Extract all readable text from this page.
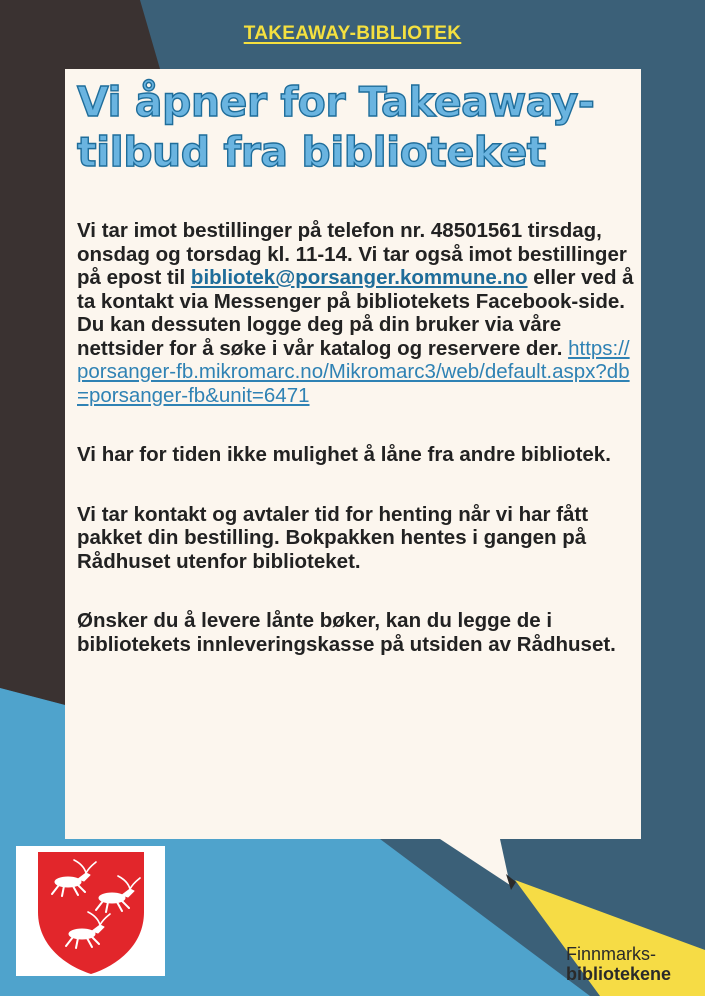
TAKEAWAY-BIBLIOTEK
Vi åpner for Takeaway-tilbud fra biblioteket

Vi tar imot bestillinger på telefon nr. 48501561 tirsdag, onsdag og torsdag kl. 11-14. Vi tar også imot bestillinger på epost til bibliotek@porsanger.kommune.no eller ved å ta kontakt via Messenger på bibliotekets Facebook-side. Du kan dessuten logge deg på din bruker via våre nettsider for å søke i vår katalog og reservere der. https://porsanger-fb.mikromarc.no/Mikromarc3/web/default.aspx?db=porsanger-fb&unit=6471

Vi har for tiden ikke mulighet å låne fra andre bibliotek.

Vi tar kontakt og avtaler tid for henting når vi har fått pakket din bestilling. Bokpakken hentes i gangen på Rådhuset utenfor biblioteket.

Ønsker du å levere lånte bøker, kan du legge de i bibliotekets innleveringskasse på utsiden av Rådhuset.

Finnmarks-
bibliotekene
